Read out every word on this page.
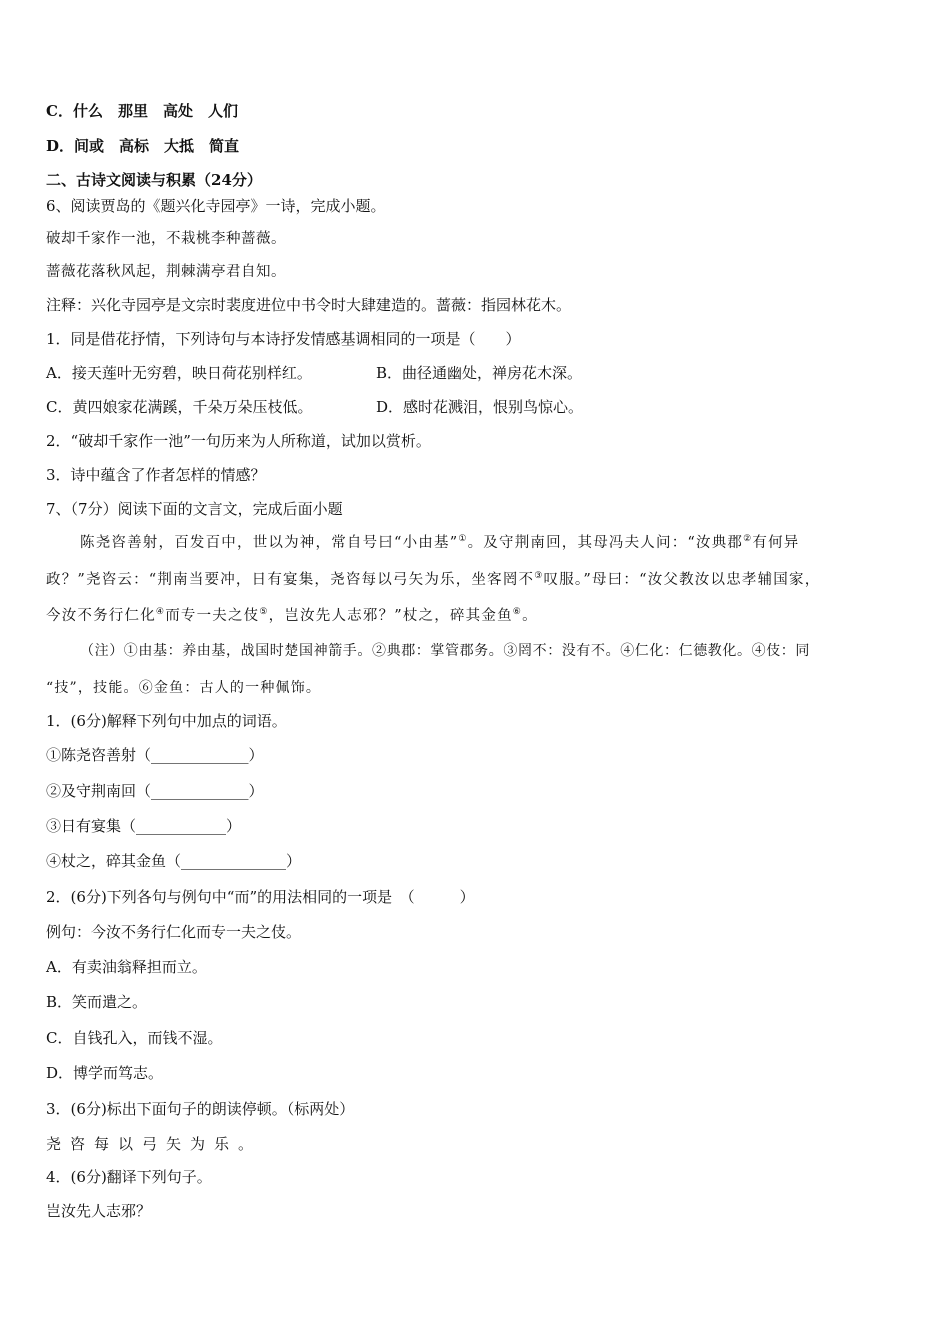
C．什么　那里　高处　人们
D．间或　高标　大抵　简直
二、古诗文阅读与积累（24分）
6、阅读贾岛的《题兴化寺园亭》一诗，完成小题。
破却千家作一池，不栽桃李种蔷薇。
蔷薇花落秋风起，荆棘满亭君自知。
注释：兴化寺园亭是文宗时裴度进位中书令时大肆建造的。蔷薇：指园林花木。
1．同是借花抒情，下列诗句与本诗抒发情感基调相同的一项是（　　）
A．接天莲叶无穷碧，映日荷花别样红。	B．曲径通幽处，禅房花木深。
C．黄四娘家花满蹊，千朵万朵压枝低。	D．感时花溅泪，恨别鸟惊心。
2．“破却千家作一池”一句历来为人所称道，试加以赏析。
3．诗中蕴含了作者怎样的情感？
7、（7分）阅读下面的文言文，完成后面小题
陈尧咨善射，百发百中，世以为神，常自号曰“小由基”①。及守荆南回，其母冯夫人问：“汝典郡②有何异
政？”尧咨云：“荆南当要冲，日有宴集，尧咨每以弓矢为乐，坐客罔不③叹服。”母曰：“汝父教汝以忠孝辅国家，
今汝不务行仁化④而专一夫之伎⑤，岂汝先人志邪？”杖之，碎其金鱼⑥。
（注）①由基：养由基，战国时楚国神箭手。②典郡：掌管郡务。③罔不：没有不。④仁化：仁德教化。④伎：同
“技”，技能。⑥金鱼：古人的一种佩饰。
1．(6分)解释下列句中加点的词语。
①陈尧咨善射（_____________）
②及守荆南回（_____________）
③日有宴集（____________）
④杖之，碎其金鱼（______________）
2．(6分)下列各句与例句中“而”的用法相同的一项是　（　　　）
例句：今汝不务行仁化而专一夫之伎。
A．有卖油翁释担而立。
B．笑而遣之。
C．自钱孔入，而钱不湿。
D．博学而笃志。
3．(6分)标出下面句子的朗读停顿。（标两处）
尧咨每以弓矢为乐。
4．(6分)翻译下列句子。
岂汝先人志邪？
